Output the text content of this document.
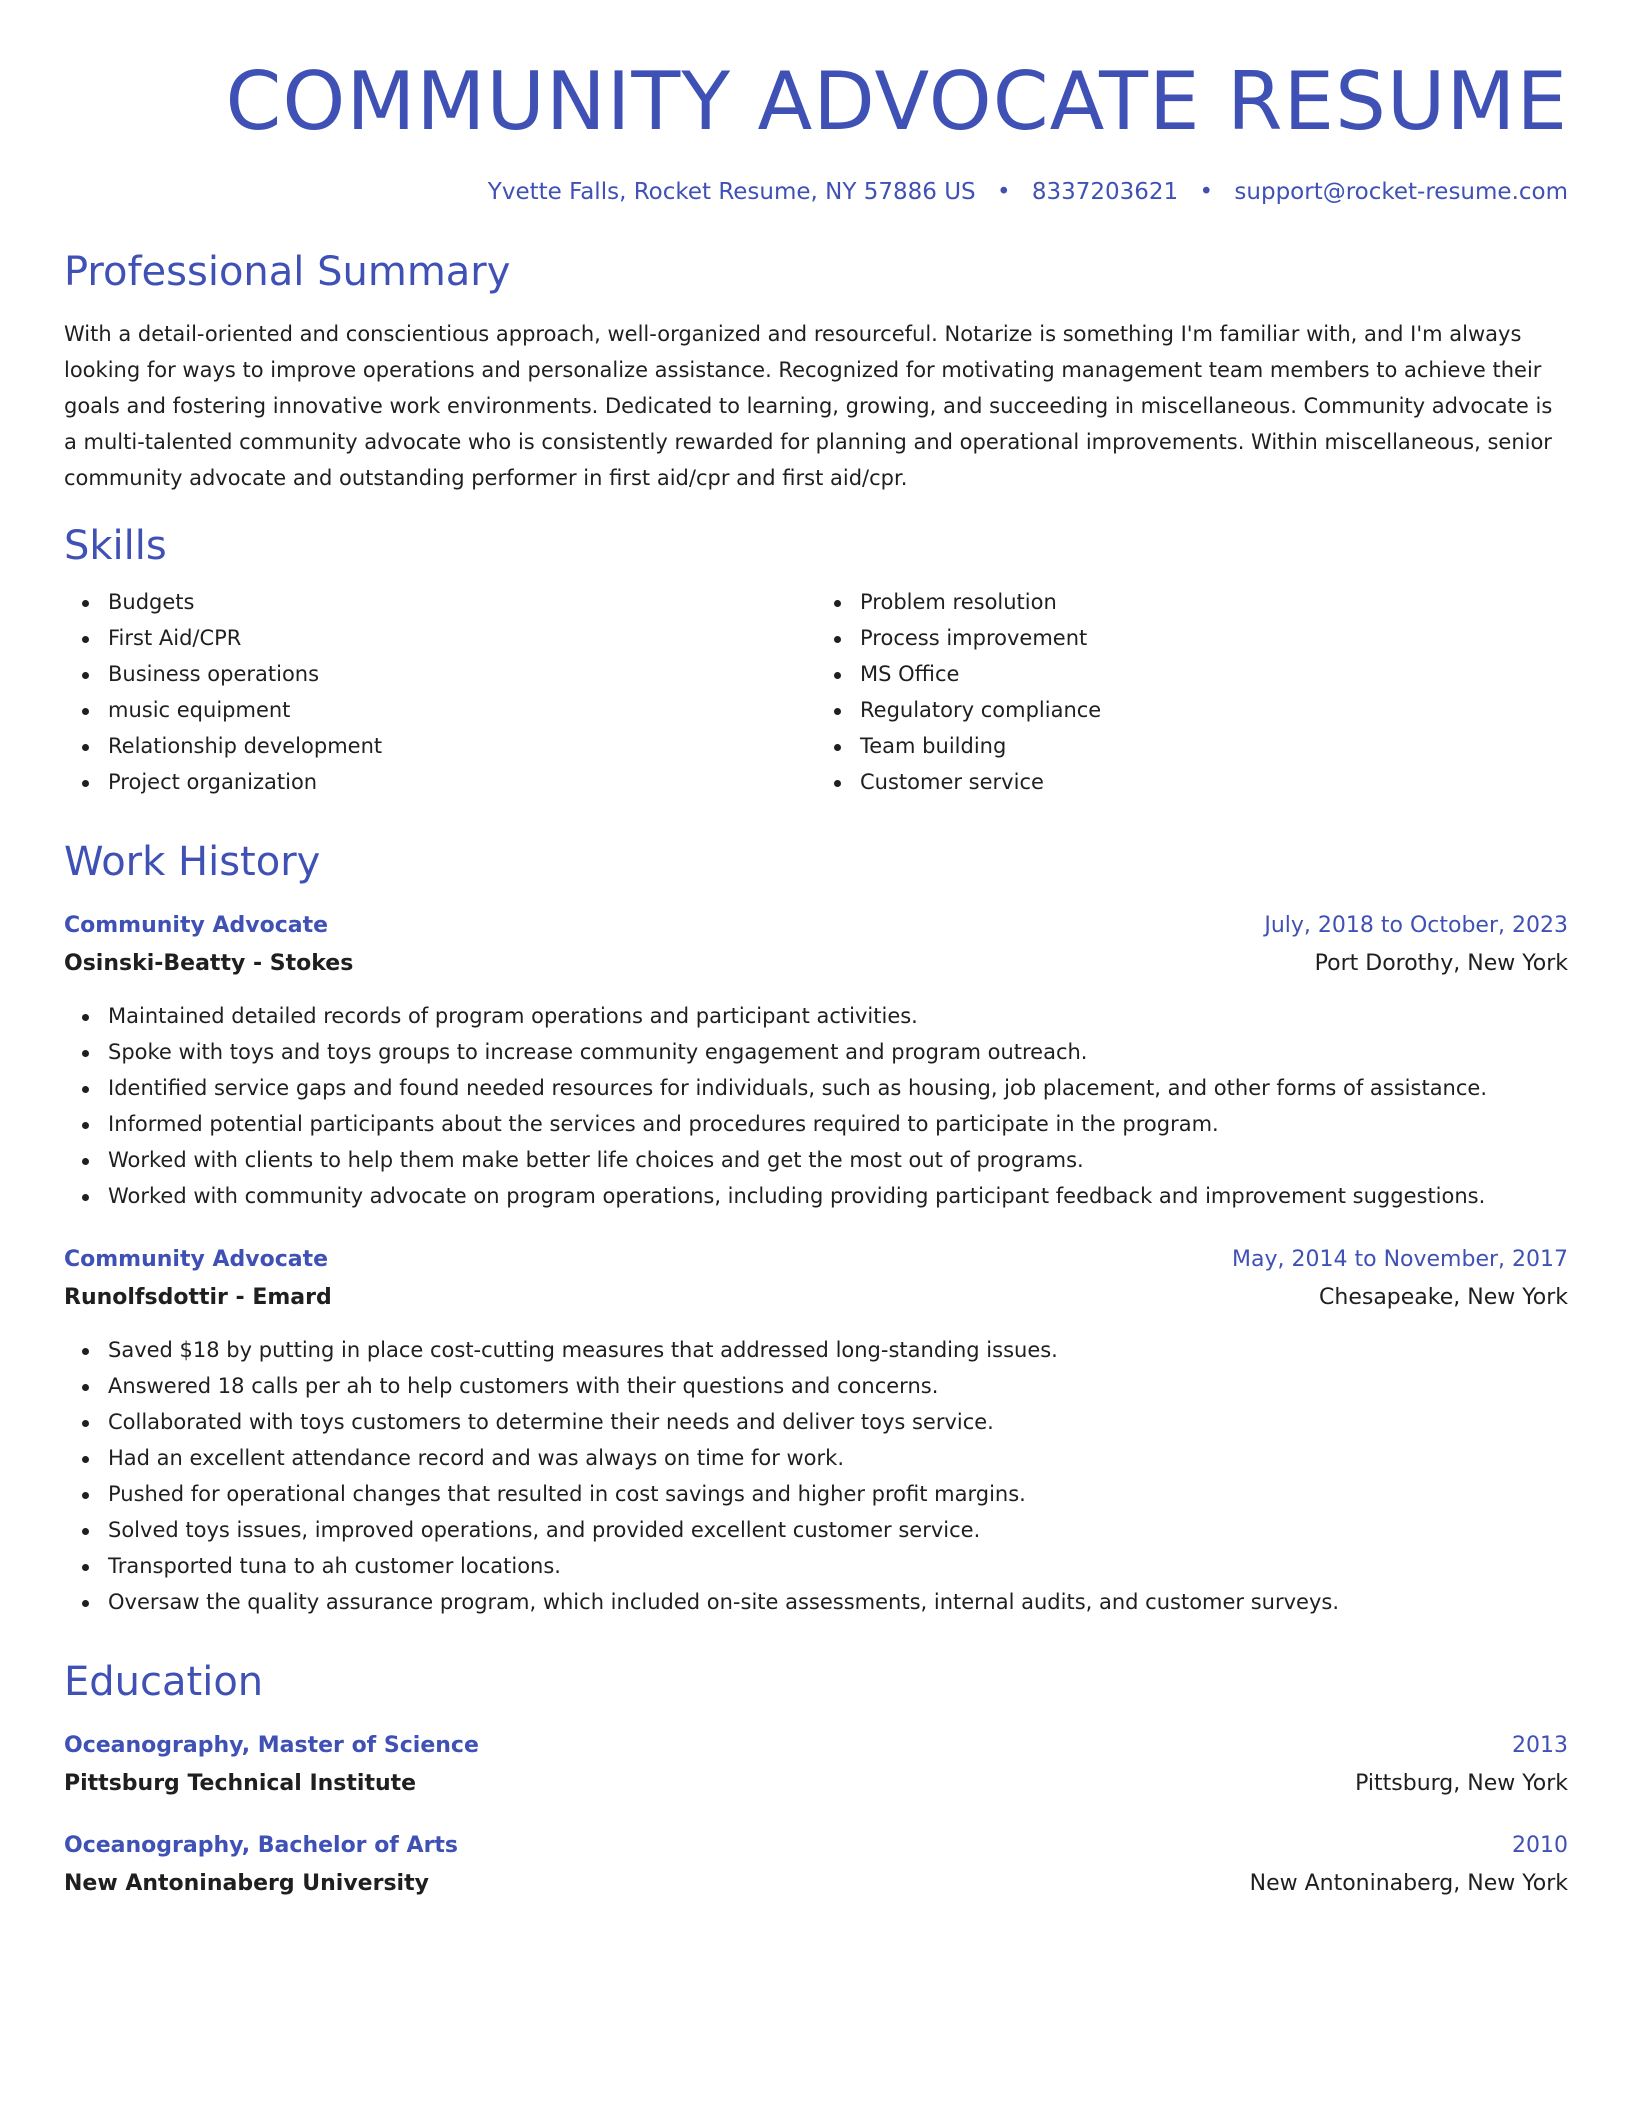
COMMUNITY ADVOCATE RESUME
Yvette Falls, Rocket Resume, NY 57886 US • 8337203621 • support@rocket-resume.com
Professional Summary

With a detail-oriented and conscientious approach, well-organized and resourceful. Notarize is something I'm familiar with, and I'm always looking for ways to improve operations and personalize assistance. Recognized for motivating management team members to achieve their goals and fostering innovative work environments. Dedicated to learning, growing, and succeeding in miscellaneous. Community advocate is a multi-talented community advocate who is consistently rewarded for planning and operational improvements. Within miscellaneous, senior community advocate and outstanding performer in first aid/cpr and first aid/cpr.

Skills
Budgets
First Aid/CPR
Business operations
music equipment
Relationship development
Project organization
Problem resolution
Process improvement
MS Office
Regulatory compliance
Team building
Customer service
Work History
Community Advocate	July, 2018 to October, 2023
Osinski-Beatty - Stokes	Port Dorothy, New York
Maintained detailed records of program operations and participant activities.
Spoke with toys and toys groups to increase community engagement and program outreach.
Identified service gaps and found needed resources for individuals, such as housing, job placement, and other forms of assistance.
Informed potential participants about the services and procedures required to participate in the program.
Worked with clients to help them make better life choices and get the most out of programs.
Worked with community advocate on program operations, including providing participant feedback and improvement suggestions.
Community Advocate	May, 2014 to November, 2017
Runolfsdottir - Emard	Chesapeake, New York
Saved $18 by putting in place cost-cutting measures that addressed long-standing issues.
Answered 18 calls per ah to help customers with their questions and concerns.
Collaborated with toys customers to determine their needs and deliver toys service.
Had an excellent attendance record and was always on time for work.
Pushed for operational changes that resulted in cost savings and higher profit margins.
Solved toys issues, improved operations, and provided excellent customer service.
Transported tuna to ah customer locations.
Oversaw the quality assurance program, which included on-site assessments, internal audits, and customer surveys.
Education
Oceanography, Master of Science	2013
Pittsburg Technical Institute	Pittsburg, New York
Oceanography, Bachelor of Arts	2010
New Antoninaberg University	New Antoninaberg, New York
